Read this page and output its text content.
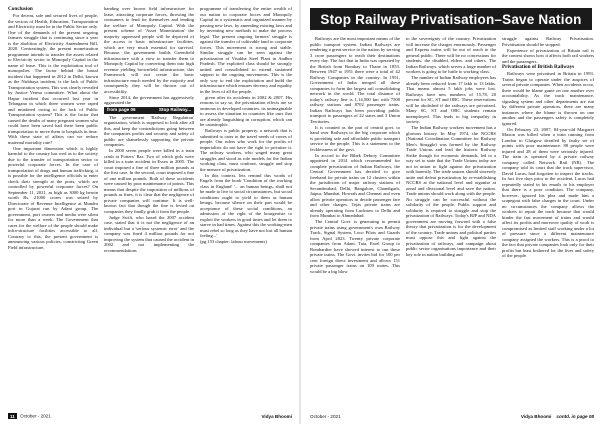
Conclusion

For decent, safe and secured lives of people, the sectors of Health, Education, Transportation and Electricity must be in the Public Sector only. One of the demands of the present ongoing farmers struggle that is continuing since a year is the abolition of Electricity Amendment Bill, 2020. Contrastingly, the present monetization programme intends to transfer the assets related to Electricity sector to Monopoly Capital in the name of lease. This is the exploitation tool of monopolies. The factor behind the brutal incident that happened in 2012 in Delhi, known as the Nirbhaya incident, is the lack of Public Transportation system. This was clearly revealed by Justice Verma committee. What about the Hapur incident that occurred last year in Telangana in which three women were raped and murdered owing to the lack of Public Transportation system? This is the factor that caused the deaths of many pregnant women who could have been saved had there been public transportation to move them to hospitals in time. With these state of affairs can we reduce maternal mortality rate?

One important dimension which is highly harmful to the country has wed as to the society due to the transfer of transportation sector to powerful corporate forces. In the case of transportation of drugs and human trafficking, it is possible for the intelligence officials to enter check their strength at the ports, which are controlled by powerful corporate forces? On September 11, 2021, as high as 3000 kg heroin worth Rs. 21000 crores was seized by Directorate of Revenue Intelligence at Mundra port in Gujarat run by Adani group. The government, port owners and media were silent for more than a week. The Government that cares for the welfare of the people should make infra-structure facilities accessible to all. Contrary to this, the present government is announcing various policies, constricting Green Field infrastructure,

handing over brown field infrastructure for lease, attracting corporate forces, throwing the consumers to fend for themselves and tending the welfare of Monopoly Capital. With the present scheme of 'Asset Monetization' the majority oppressed people will be deprived of the access to basic infrastructure facilities, which are very much essential for survival. Because, the government builds Greenfield infrastructure with a view to transfer them to Monopoly Capital by converting them into high revenue yielding brownfield infrastructure, this Framework will not create the basic infrastructure much needed by the majority and consequently they will be thrown out of accessibility.

Since 2014, the government has aggressively aggravated the

from page 06	Stop Railway...

The government 'Railway Regulation' organisation, which is supposed to look after all this, and keep the contradictions going between the companies profits and security and safety of public are shamelessly supporting the private companies.

In 2000 seven people were killed in a train crash at Potters' Bar. Two of which girls were killed in a train accident in Essex in 2005. The court imposed a fine of three million pounds at the first case. In the second, court imposed a fine of one million pounds. Both of these accidents were caused by poor maintenance of points. This means that despite the imposition of millions of pounds as fines, it is clear that the negligence of private companies will continue. It is well-known fact that though the fine is levied on companies they finally grab it from the people.

Judge Swift, who heard the 2007 accident case, stated that it is not the negligence of an individual but a 'serious systemic error' and the company was fined 4 million pounds for not improving the system that caused the accident in 2002 and not implementing the recommendations

programme of transferring the entire wealth of our nation to corporate forces and Monopoly Capital in a systematic and organized manner by passing new laws, by amending existing laws and by inventing new methods to make the process legal. The present ongoing farmers' struggle is against the transfer of cultivable land to corporate forces. This movement is strong and stable. Similar struggle can be seen against the privatization of Visakha Steel Plant in Andhra Pradesh. The exploited class should be strongly united and consolidated to extend sustained support to the ongoing movements. This is the only way to end the exploitation and build the infrastructure which ensures decency and equality in the lives of all the people.

given after its accidents in 2002 & 2007. His reasons to say so, the privatization effects are so ominous in developed countries, its unimaginable to assess the situation in countries like ours that are already languishing in corruption, which can be catastrophic.

Railways is public property, a network that is submitted to cater to the travel needs of crores of people. Our rulers who work for the profits of imperialists do not have the right to privatize it. The railway workers, who waged many great struggles and stood as role models for the Indian working class, must confront, struggle and stop the menace of privatization.

In this context, lets remind this words of Engels from the book 'Condition of the working class in England' '... an human beings, shall not be made to live to social circumstances, but social conditions ought to yield to them as human beings, because silence on their part would be acceptance of these social conditions, an admission of the right of the bourgeoisie to exploit the workers in good times and let them to starve in bad times. Against this the working-men must rebel so long as they have not lost all human feeling...'

(pg 153 chapter: labour movements)

11 October - 2021	Vidya Bhoomi
Stop Railway Privatisation–Save Nation

Railways are the most important means of the public transport system. Indian Railways are rendering a great service to the nation by serving 3 crore passengers to reach their destinations every day. The fact that in India was operated by the British from Bombay to Thane in 1853. Between 1947 to 1951 there were a total of 42 Railway Companies in the country. In 1951, Government of India merged all these companies to form the largest rail consolidating network in the world. The total distance of today's railway line is 1,14,500 km with 7500 railway stations and 8702 passenger trains. Indian Railways has been providing public transport to passengers of 22 states and 3 Union Territories.

It is counted as the part of central govt. to hand over Railways to the big corporate which is providing safe and affordable public transport service to the people. This is a statement to the fecklessness of the govt.

In accord to the Bibek Debroy Committee appointed in 2014 which recommended for complete privatization of Indian Railways, the Central Government has decided to give freehand for private trains on 12 clusters within the jurisdiction of major railway stations of Secunderabad, Delhi, Bangalore, Chandigarh, Jaipur, Mumbai, Howrah and Chennai and even allow private operators to decide passenger fare and other charges. Tejas private trains are already operating from Lucknow to Delhi and from Mumbai to Ahmedabad.

The Central Govt. is generating to permit private trains using government's own Railway Track, Signal System, Loco Pilots and Guards from April 2023. Twenty private corporate companies from Adani, Tata, Essel Group to Bombardier have showed interest to run these private trains. The Govt. invites bid for 100 per cent foreign direct investment and allows 151 private passenger trains on 109 routes. This would be a big blow

to the sovereignty of the country. Privatization will increase the charges enormously. Passenger and Express trains will be out of reach to the general public. There will be no concessions for students, the disabled, elders, and others. The Indian Railways, which serves a large number of workers is going to be futile to working class.

The number of Indian Railway employees has already been reduced from 17 lakh to 13 lakhs. That means almost 5 lakh jobs were lost. Railways have new numbers of 15,78, 20 percent for SC, ST and OBC. These reservations will be abolished if the railways are privatized. Many SC, ST and OBC students remain unemployed. This leads to big inequality in society.

The Indian Railway workers movement has a glorious history. In May 1974, the NCCRS (National Coordination Committee for Railway Men's Struggle) was formed by the Railway Trade Unions and lead the historic Railway Strike though for economic demands, led to a way set to state that the Trade Unions today are not in union to fight against the privatization with honestly. The trade unions should sincerely unite and defeat privatization by re-establishing NCCRS at the national level and organise at zonal and divisional level and save the nation. Trade unions should work along with the people. No struggle can be successful without the solidarity of the people. Public support and solidarity is required to struggle and stop the privatization of Railways. Today's BJP and NDA government are moving forward with a false theory that privatization is for the development of the country. Trade unions and political parties must oppose this and fight against the privatization of railways, and campaign about public sector organisations importance and their key role in nation building and

struggle against Railway Privatisation. Privatisation should be stopped.

Experience of privatization of Britain rail is the context shows how it affects both rail workers and the passengers.

Privatisation of British Railways

Railways were privatised in Britain in 1993. Trains began to operate under the auspices of several private companies. When accidents occur, there would be blame game on one another over accountability. As the track maintenance, signaling system and other departments are run by different private operators, there are many instances where the blame is thrown on one another and the passengers safety is completely ignored.

On February 23, 2007, 84-year-old Margaret Maxon was killed when a train running from London to Glasgow derailed by faulty set of points with poor maintenance. 88 people were injured and 28 of them were seriously injured. The train is operated by a private railway company called Network Rail (NR). The company told its court that the track supervisor, David Lucas, had forgotten to inspect the tracks. In fact five days prior to the accident, Lucas had repeatedly stated in his emails to his employer that there is a poor condition. The company, however, ignored his plea and made him a scapegoat with false charges in the court. Under no circumstances the company allows the workers to repair the track because that would hinder the fast movement of trains and would affect its profits and moreover quality of work is compromised as limited staff working under a lot of pressure since a different maintenance company assigned the workers. This is a proof to the fact that private companies look only for their profits but least bothered for the lives and safety of the people.

October - 2021	Vidya Bhoomi contd. in page 08
